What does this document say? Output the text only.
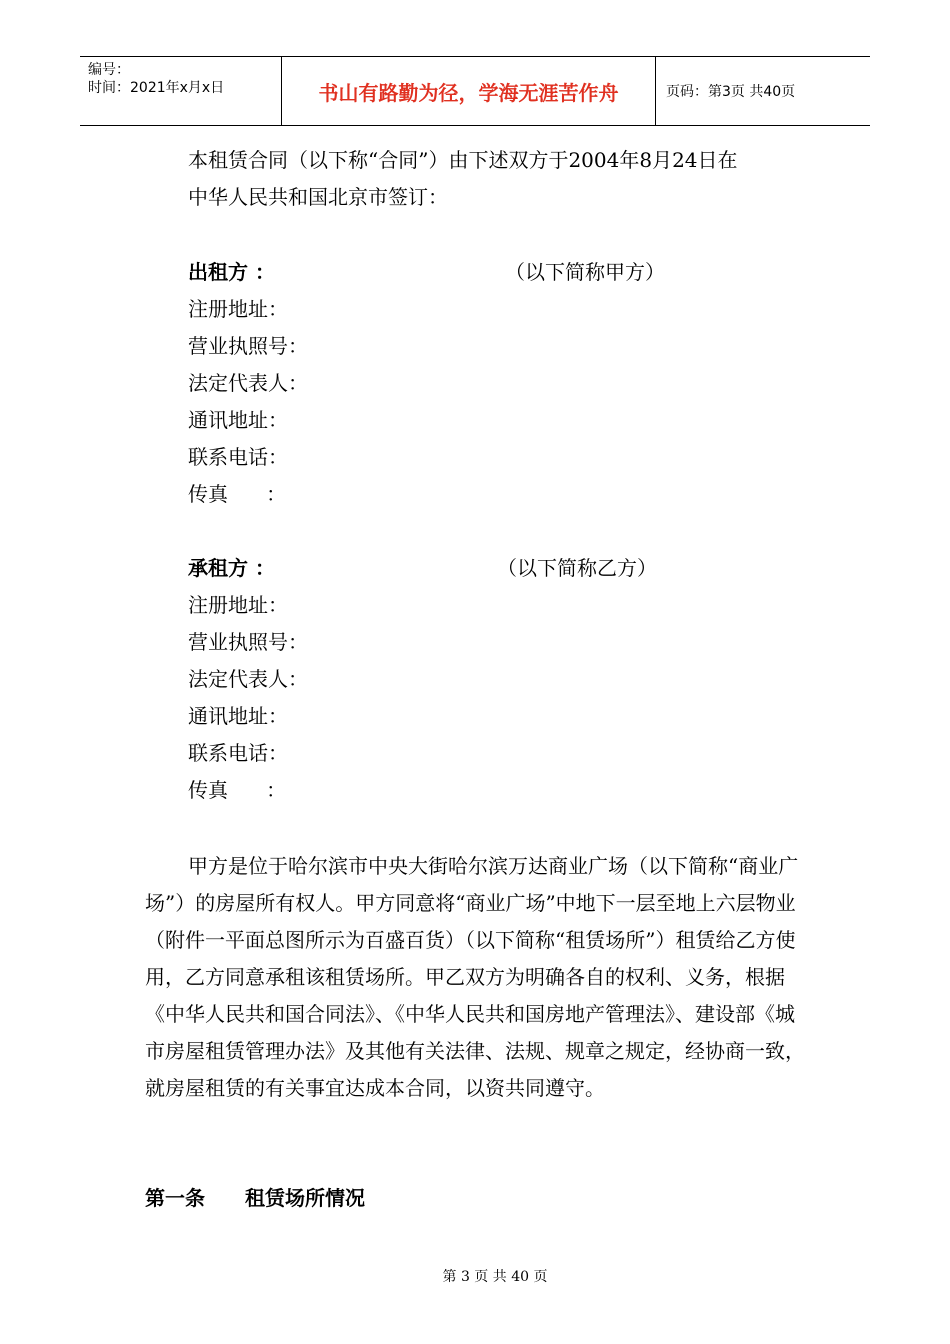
编号：
时间：2021年x月x日	书山有路勤为径，学海无涯苦作舟	页码：第3页 共40页
本租赁合同（以下称“合同”）由下述双方于2004年8月24日在
中华人民共和国北京市签订：
出租方 ：	（以下简称甲方）
注册地址：
营业执照号：
法定代表人：
通讯地址：
联系电话：
传真      ：
承租方 ：	（以下简称乙方）
注册地址：
营业执照号：
法定代表人：
通讯地址：
联系电话：
传真      ：
甲方是位于哈尔滨市中央大街哈尔滨万达商业广场（以下简称“商业广场”）的房屋所有权人。甲方同意将“商业广场”中地下一层至地上六层物业（附件一平面总图所示为百盛百货）（以下简称“租赁场所”）租赁给乙方使用，乙方同意承租该租赁场所。甲乙双方为明确各自的权利、义务，根据《中华人民共和国合同法》、《中华人民共和国房地产管理法》、建设部《城市房屋租赁管理办法》及其他有关法律、法规、规章之规定，经协商一致，就房屋租赁的有关事宜达成本合同，以资共同遵守。
第一条 租赁场所情况
第 3 页 共 40 页
